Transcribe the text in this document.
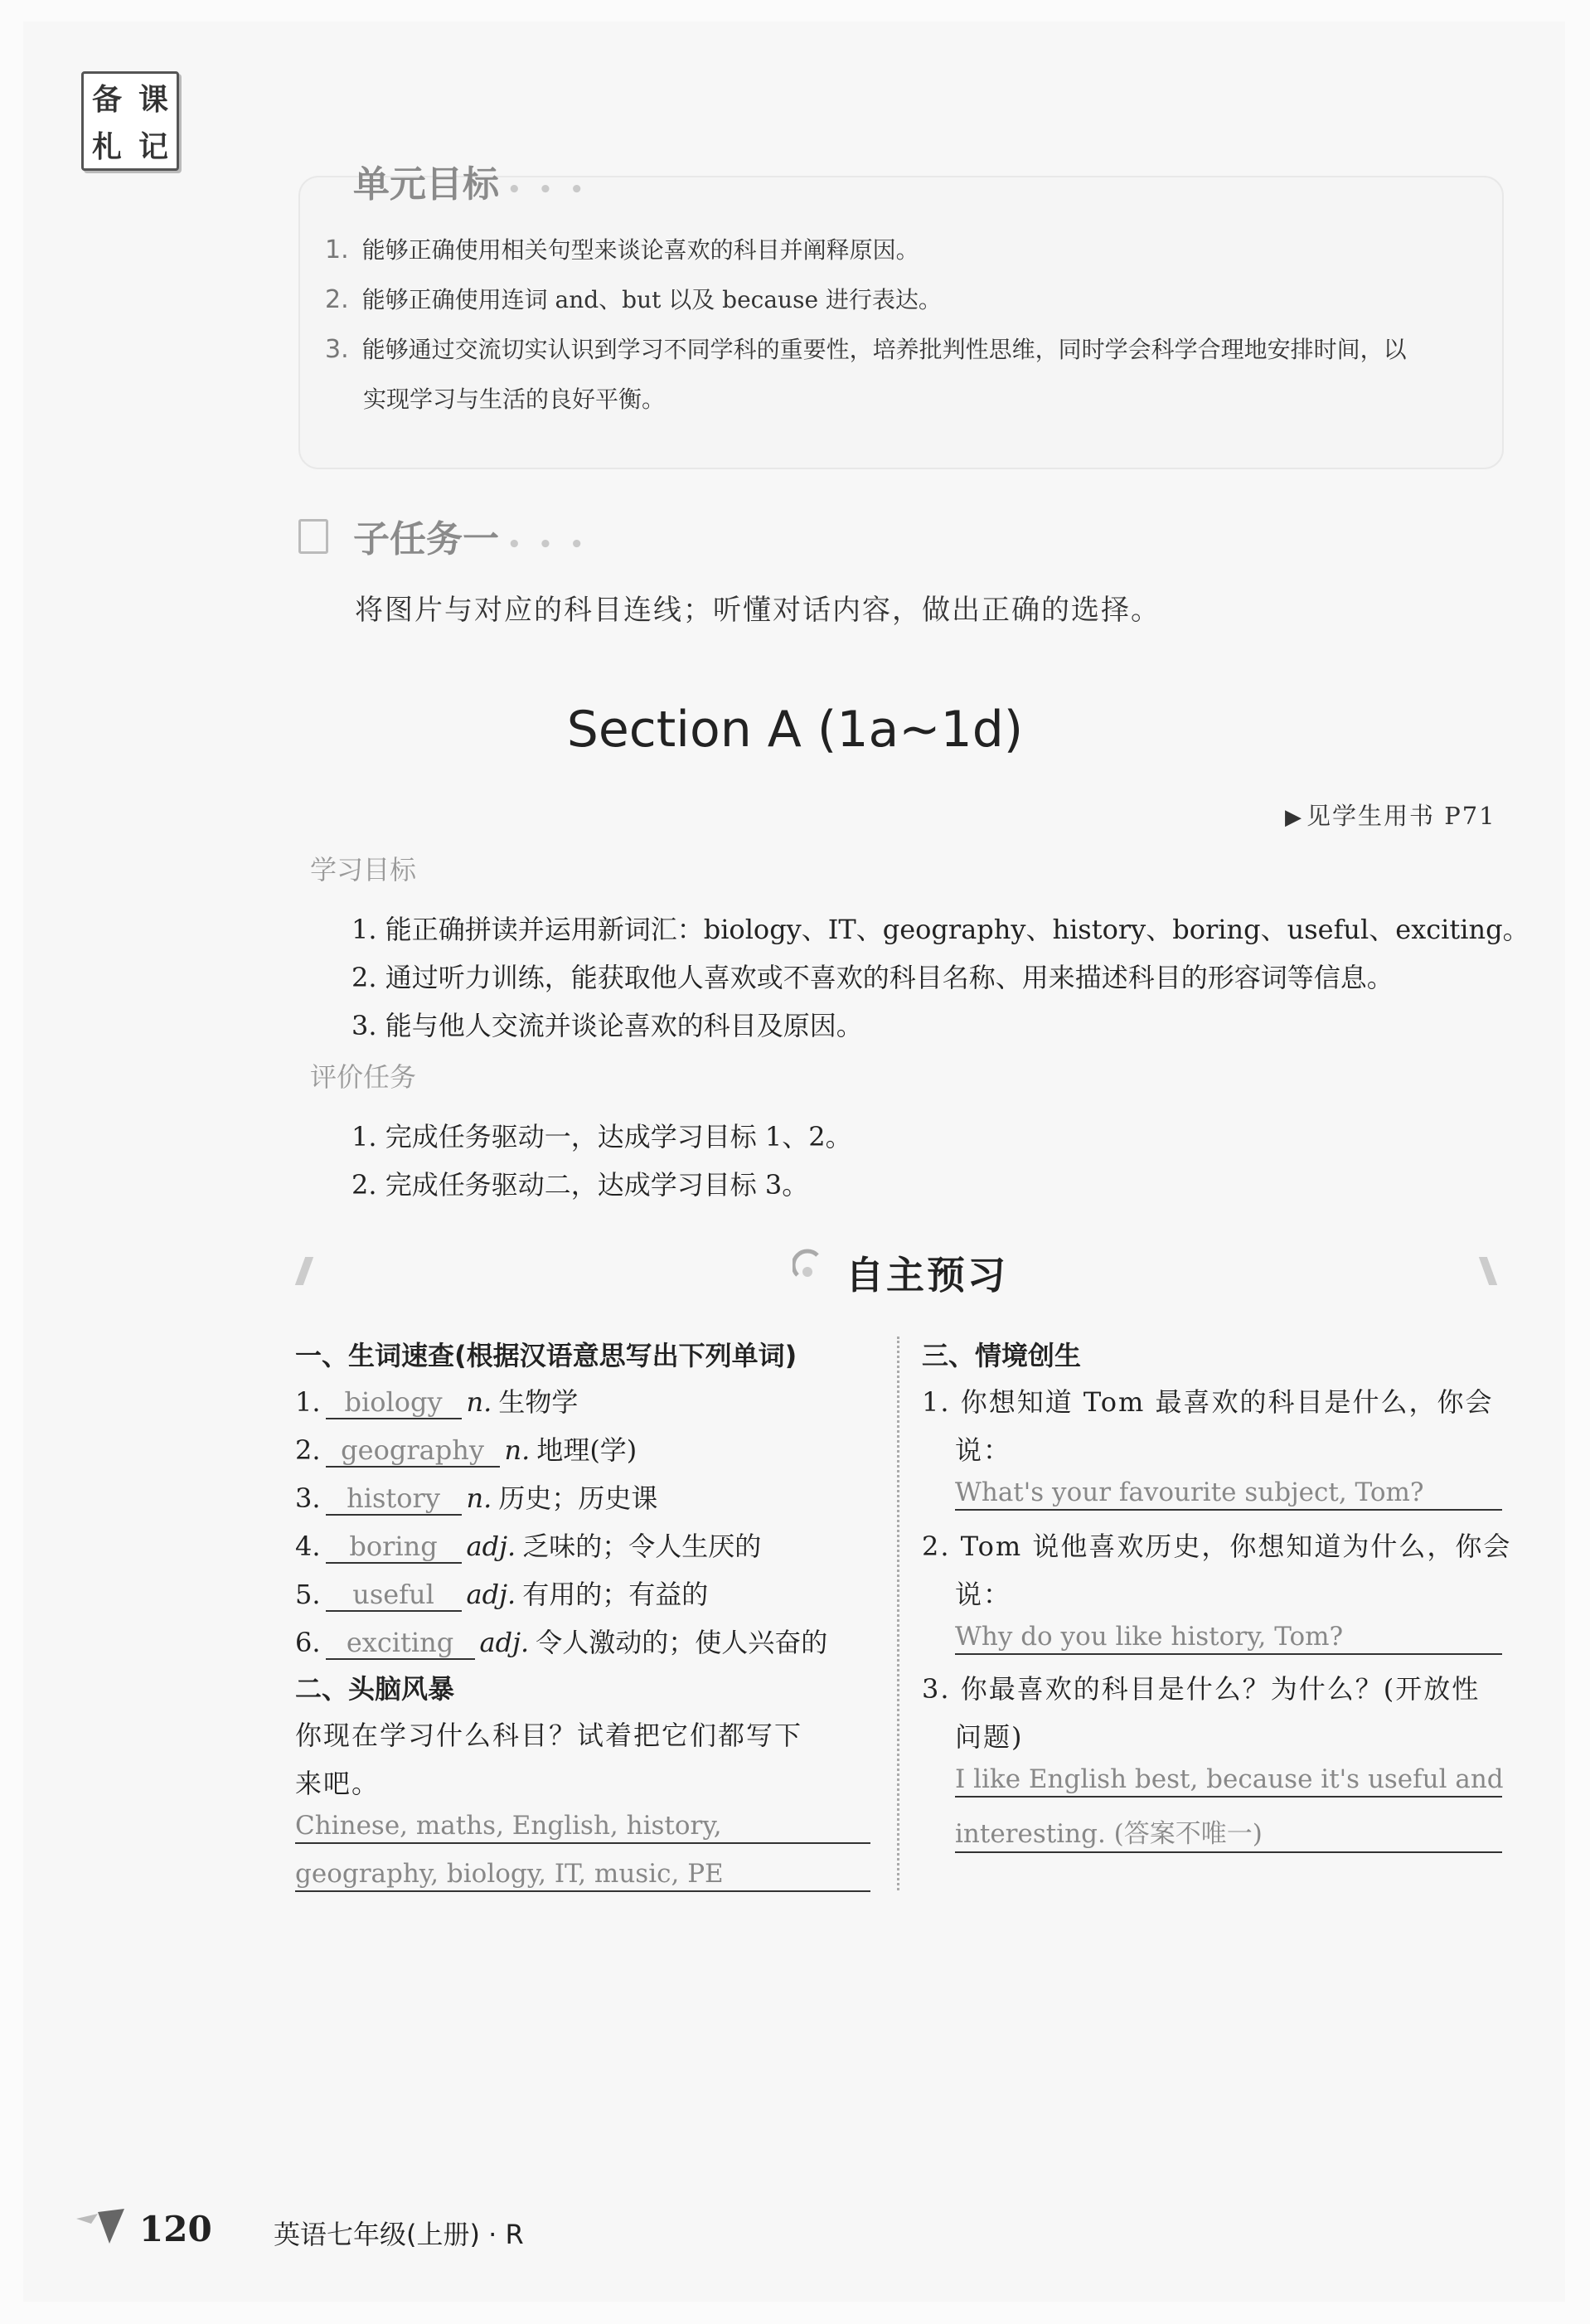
备 课
札 记
单元目标 • • •
1. 能够正确使用相关句型来谈论喜欢的科目并阐释原因。
2. 能够正确使用连词 and、but 以及 because 进行表达。
3. 能够通过交流切实认识到学习不同学科的重要性，培养批判性思维，同时学会科学合理地安排时间，以
实现学习与生活的良好平衡。
子任务一 • • •
将图片与对应的科目连线；听懂对话内容，做出正确的选择。
Section A (1a~1d)
▶ 见学生用书 P71
学习目标
1. 能正确拼读并运用新词汇：biology、IT、geography、history、boring、useful、exciting。
2. 通过听力训练，能获取他人喜欢或不喜欢的科目名称、用来描述科目的形容词等信息。
3. 能与他人交流并谈论喜欢的科目及原因。
评价任务
1. 完成任务驱动一，达成学习目标 1、2。
2. 完成任务驱动二，达成学习目标 3。
自主预习
一、生词速查(根据汉语意思写出下列单词)
1. biology n. 生物学
2. geography n. 地理(学)
3. history n. 历史；历史课
4. boring adj. 乏味的；令人生厌的
5. useful adj. 有用的；有益的
6. exciting adj. 令人激动的；使人兴奋的
二、头脑风暴
你现在学习什么科目？试着把它们都写下
来吧。
Chinese, maths, English, history,
geography, biology, IT, music, PE
三、情境创生
1. 你想知道 Tom 最喜欢的科目是什么，你会
说：
What's your favourite subject, Tom?
2. Tom 说他喜欢历史，你想知道为什么，你会
说：
Why do you like history, Tom?
3. 你最喜欢的科目是什么？为什么？(开放性
问题)
I like English best, because it's useful and
interesting. (答案不唯一)
120 英语七年级(上册) · R
